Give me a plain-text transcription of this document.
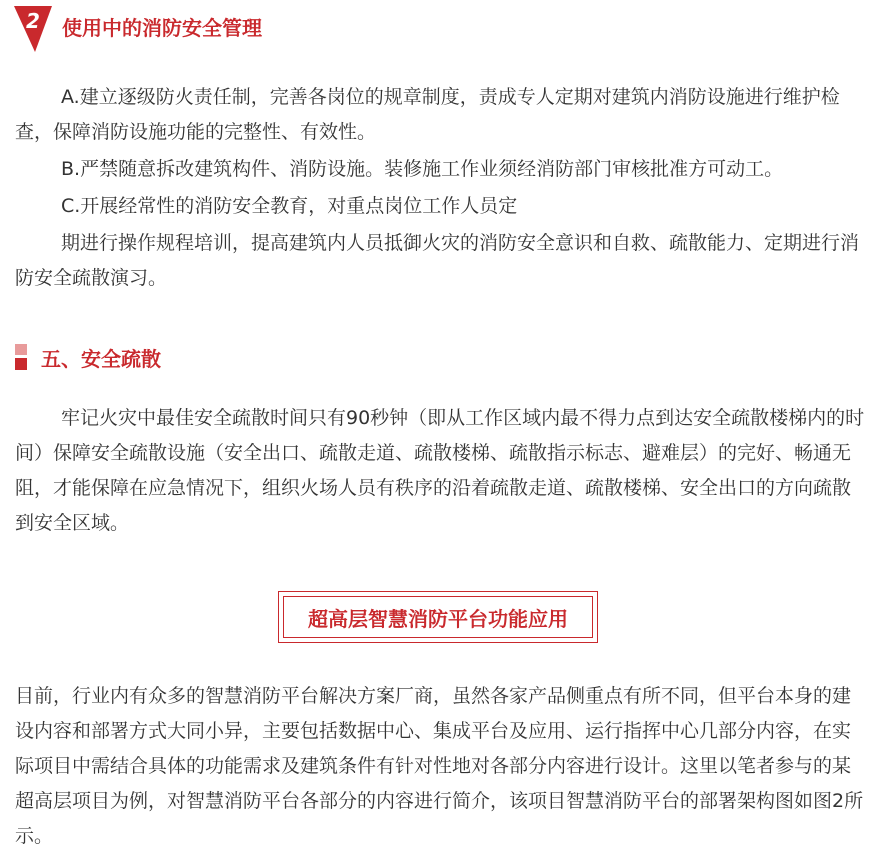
2	使用中的消防安全管理

A.建立逐级防火责任制，完善各岗位的规章制度，责成专人定期对建筑内消防设施进行维护检查，保障消防设施功能的完整性、有效性。

B.严禁随意拆改建筑构件、消防设施。装修施工作业须经消防部门审核批准方可动工。

C.开展经常性的消防安全教育，对重点岗位工作人员定

期进行操作规程培训，提高建筑内人员抵御火灾的消防安全意识和自救、疏散能力、定期进行消防安全疏散演习。

五、安全疏散

牢记火灾中最佳安全疏散时间只有90秒钟（即从工作区域内最不得力点到达安全疏散楼梯内的时间）保障安全疏散设施（安全出口、疏散走道、疏散楼梯、疏散指示标志、避难层）的完好、畅通无阻，才能保障在应急情况下，组织火场人员有秩序的沿着疏散走道、疏散楼梯、安全出口的方向疏散到安全区域。

超高层智慧消防平台功能应用

目前，行业内有众多的智慧消防平台解决方案厂商，虽然各家产品侧重点有所不同，但平台本身的建设内容和部署方式大同小异，主要包括数据中心、集成平台及应用、运行指挥中心几部分内容，在实际项目中需结合具体的功能需求及建筑条件有针对性地对各部分内容进行设计。这里以笔者参与的某超高层项目为例，对智慧消防平台各部分的内容进行简介，该项目智慧消防平台的部署架构图如图2所示。
